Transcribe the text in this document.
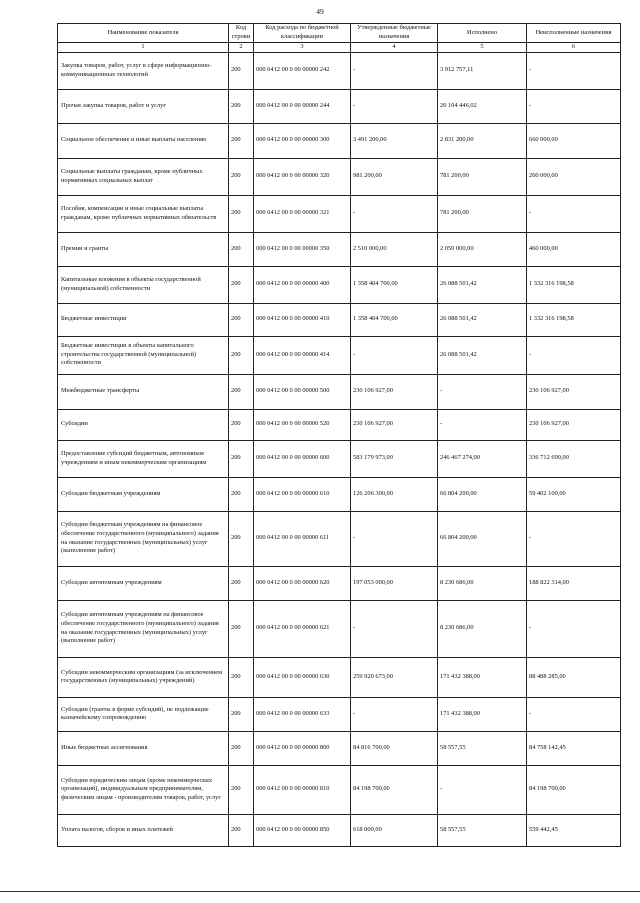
49
Наименование показателя	Код строки	Код расхода по бюджетной классификации	Утвержденные бюджетные назначения	Исполнено	Неисполненные назначения
1	2	3	4	5	6
Закупка товаров, работ, услуг в сфере информационно-коммуникационных технологий	200	000 0412 00 0 00 00000 242	-	3 912 757,11	-
Прочая закупка товаров, работ и услуг	200	000 0412 00 0 00 00000 244	-	20 104 446,02	-
Социальное обеспечение и иные выплаты населению	200	000 0412 00 0 00 00000 300	3 491 200,00	2 831 200,00	660 000,00
Социальные выплаты гражданам, кроме публичных нормативных социальных выплат	200	000 0412 00 0 00 00000 320	981 200,00	781 200,00	200 000,00
Пособия, компенсации и иные социальные выплаты гражданам, кроме публичных нормативных обязательств	200	000 0412 00 0 00 00000 321	-	781 200,00	-
Премии и гранты	200	000 0412 00 0 00 00000 350	2 510 000,00	2 050 000,00	460 000,00
Капитальные вложения в объекты государственной (муниципальной) собственности	200	000 0412 00 0 00 00000 400	1 358 404 700,00	26 088 501,42	1 332 316 198,58
Бюджетные инвестиции	200	000 0412 00 0 00 00000 410	1 358 404 700,00	26 088 501,42	1 332 316 198,58
Бюджетные инвестиции в объекты капитального строительства государственной (муниципальной) собственности	200	000 0412 00 0 00 00000 414	-	26 088 501,42	-
Межбюджетные трансферты	200	000 0412 00 0 00 00000 500	230 106 927,00	-	230 106 927,00
Субсидии	200	000 0412 00 0 00 00000 520	230 106 927,00	-	230 106 927,00
Предоставление субсидий бюджетным, автономным учреждениям и иным некоммерческим организациям	200	000 0412 00 0 00 00000 600	583 179 973,00	246 467 274,00	336 712 699,00
Субсидии бюджетным учреждениям	200	000 0412 00 0 00 00000 610	126 206 300,00	66 804 200,00	59 402 100,00
Субсидии бюджетным учреждениям на финансовое обеспечение государственного (муниципального) задания на оказание государственных (муниципальных) услуг (выполнение работ)	200	000 0412 00 0 00 00000 611	-	66 804 200,00	-
Субсидии автономным учреждениям	200	000 0412 00 0 00 00000 620	197 053 000,00	8 230 686,00	188 822 314,00
Субсидии автономным учреждениям на финансовое обеспечение государственного (муниципального) задания на оказание государственных (муниципальных) услуг (выполнение работ)	200	000 0412 00 0 00 00000 621	-	8 230 686,00	-
Субсидии некоммерческим организациям (за исключением государственных (муниципальных) учреждений)	200	000 0412 00 0 00 00000 630	259 920 673,00	171 432 388,00	88 488 285,00
Субсидии (гранты в форме субсидий), не подлежащие казначейскому сопровождению	200	000 0412 00 0 00 00000 633	-	171 432 388,00	-
Иные бюджетные ассигнования	200	000 0412 00 0 00 00000 800	84 816 700,00	58 557,55	84 758 142,45
Субсидии юридическим лицам (кроме некоммерческих организаций), индивидуальным предпринимателям, физическим лицам - производителям товаров, работ, услуг	200	000 0412 00 0 00 00000 810	84 198 700,00	-	84 198 700,00
Уплата налогов, сборов и иных платежей	200	000 0412 00 0 00 00000 850	618 000,00	58 557,55	559 442,45
